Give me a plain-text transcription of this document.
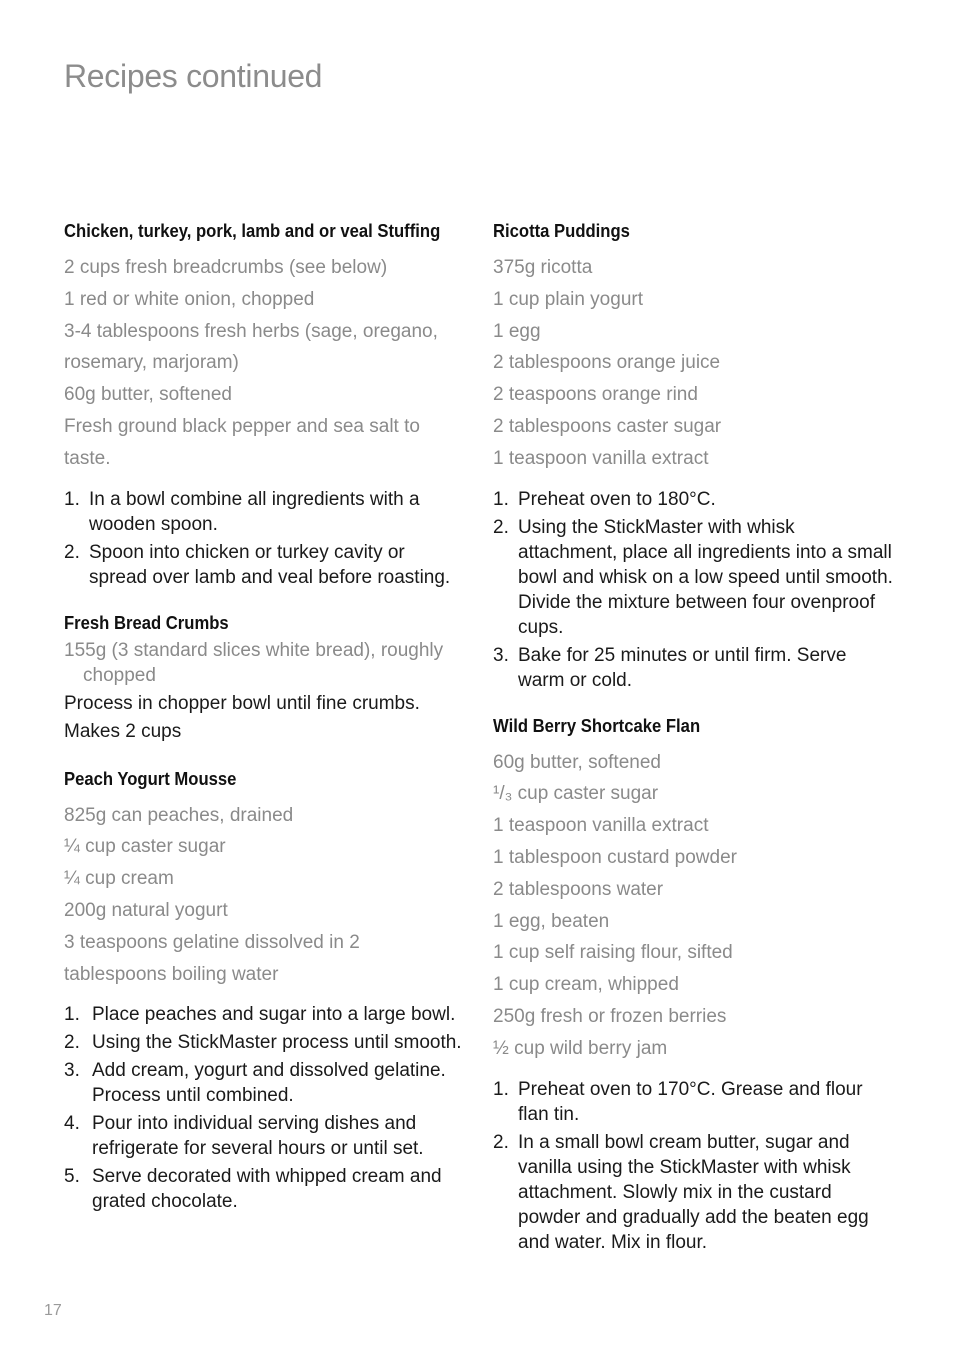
Recipes continued
Chicken, turkey, pork, lamb and or veal Stuffing
2 cups fresh breadcrumbs (see below)
1 red or white onion, chopped
3-4 tablespoons fresh herbs (sage, oregano,
rosemary, marjoram)
60g butter, softened
Fresh ground black pepper and sea salt to
taste.
1. In a bowl combine all ingredients with a wooden spoon.
2. Spoon into chicken or turkey cavity or spread over lamb and veal before roasting.
Fresh Bread Crumbs
155g (3 standard slices white bread), roughly chopped

Process in chopper bowl until fine crumbs.

Makes 2 cups

Peach Yogurt Mousse
825g can peaches, drained
¼ cup caster sugar
¼ cup cream
200g natural yogurt
3 teaspoons gelatine dissolved in 2
tablespoons boiling water
1. Place peaches and sugar into a large bowl.
2. Using the StickMaster process until smooth.
3. Add cream, yogurt and dissolved gelatine. Process until combined.
4. Pour into individual serving dishes and refrigerate for several hours or until set.
5. Serve decorated with whipped cream and grated chocolate.
Ricotta Puddings
375g ricotta
1 cup plain yogurt
1 egg
2 tablespoons orange juice
2 teaspoons orange rind
2 tablespoons caster sugar
1 teaspoon vanilla extract
1. Preheat oven to 180°C.
2. Using the StickMaster with whisk attachment, place all ingredients into a small bowl and whisk on a low speed until smooth. Divide the mixture between four ovenproof cups.
3. Bake for 25 minutes or until firm. Serve warm or cold.
Wild Berry Shortcake Flan
60g butter, softened
¹/₃ cup caster sugar
1 teaspoon vanilla extract
1 tablespoon custard powder
2 tablespoons water
1 egg, beaten
1 cup self raising flour, sifted
1 cup cream, whipped
250g fresh or frozen berries
½ cup wild berry jam
1. Preheat oven to 170°C. Grease and flour flan tin.
2. In a small bowl cream butter, sugar and vanilla using the StickMaster with whisk attachment. Slowly mix in the custard powder and gradually add the beaten egg and water. Mix in flour.
17
